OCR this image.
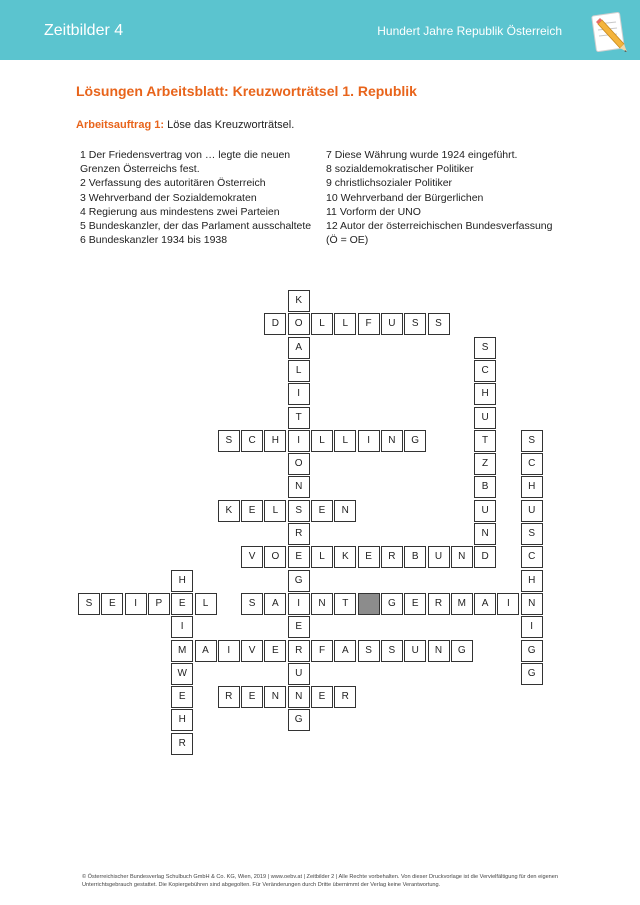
Zeitbilder 4	Hundert Jahre Republik Österreich
Lösungen Arbeitsblatt: Kreuzworträtsel 1. Republik
Arbeitsauftrag 1: Löse das Kreuzworträtsel.
1 Der Friedensvertrag von … legte die neuen Grenzen Österreichs fest.
2 Verfassung des autoritären Österreich
3 Wehrverband der Sozialdemokraten
4 Regierung aus mindestens zwei Parteien
5 Bundeskanzler, der das Parlament ausschaltete
6 Bundeskanzler 1934 bis 1938
7 Diese Währung wurde 1924 eingeführt.
8 sozialdemokratischer Politiker
9 christlichsozialer Politiker
10 Wehrverband der Bürgerlichen
11 Vorform der UNO
12 Autor der österreichischen Bundesverfassung
(Ö = OE)
D	O	L	L	F	U	S	S
S	C	H	I	L	L	I	N	G
K	E	L	S	E	N
V	O	E	L	K	E	R	B	U	N	D
S	E	I	P	E	L	S	A	I	N	T	G	E	R	M	A	I	N
M	A	I	V	E	R	F	A	S	S	U	N	G
R	E	N	N	E	R
K
A
L
I
T
O
N
R
G
E
U
G
S
C
H
U
T
Z
B
U
N
S
C
H
U
S
C
H
I
G
G
H
I
W
E
H
R
© Österreichischer Bundesverlag Schulbuch GmbH & Co. KG, Wien, 2019 | www.oebv.at | Zeitbilder 2 | Alle Rechte vorbehalten. Von dieser Druckvorlage ist die Vervielfältigung für den eigenen Unterrichtsgebrauch gestattet. Die Kopiergebühren sind abgegolten. Für Veränderungen durch Dritte übernimmt der Verlag keine Verantwortung.
